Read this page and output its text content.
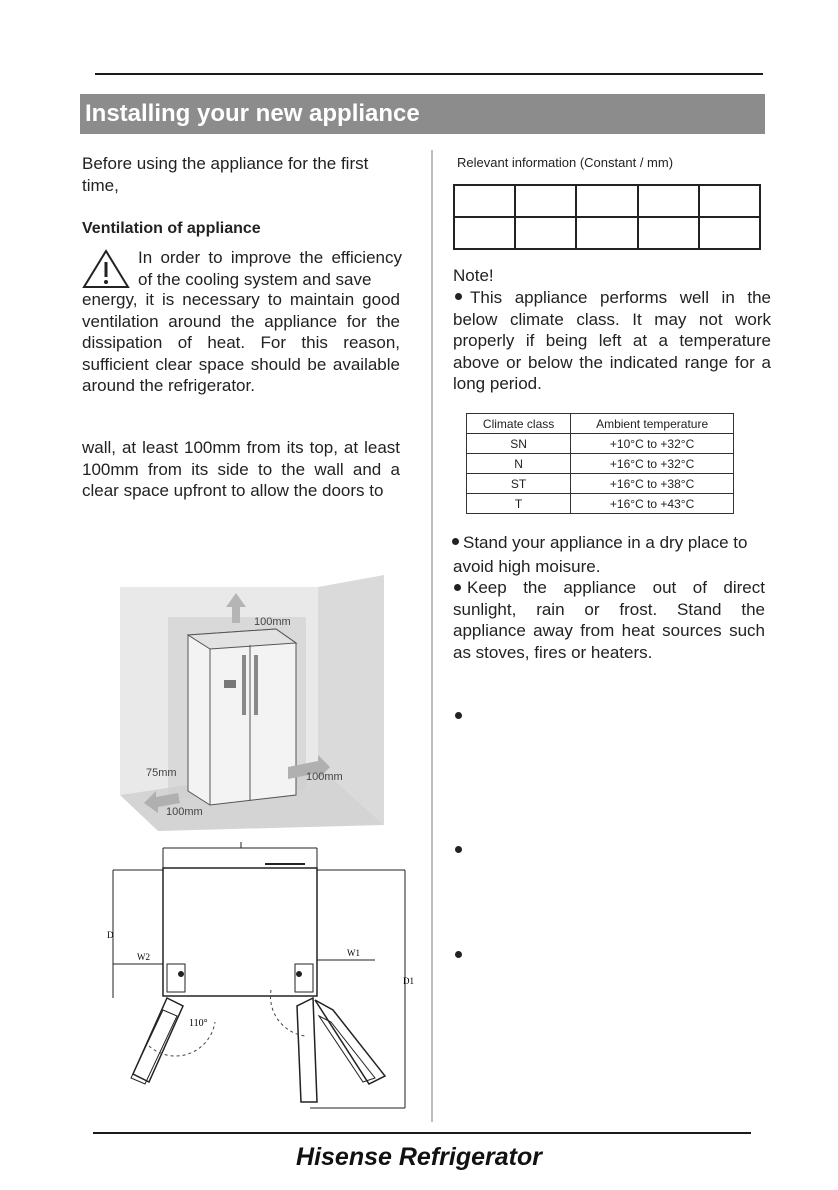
Installing your new appliance

Before using the appliance for the first time,

Ventilation of appliance

In order to improve the efficiency of the cooling system and save

energy, it is necessary to maintain good ventilation around the appliance for the dissipation of heat. For this reason, sufficient clear space should be available around the refrigerator.

wall, at least 100mm from its top, at least 100mm from its side to the wall and a clear space upfront to allow the doors to

100mm
75mm	100mm
100mm
W2	W1
D
D1
110°
Relevant information (Constant / mm)

Note!

This appliance performs well in the below climate class. It may not work properly if being left at a temperature above or below the indicated range for a long period.

Climate class	Ambient temperature
SN	+10°C to +32°C
N	+16°C to +32°C
ST	+16°C to +38°C
T	+16°C to +43°C

Stand your appliance in a dry place to avoid high moisure.

Keep the appliance out of direct sunlight, rain or frost. Stand the appliance away from heat sources such as stoves, fires or heaters.

Hisense Refrigerator
